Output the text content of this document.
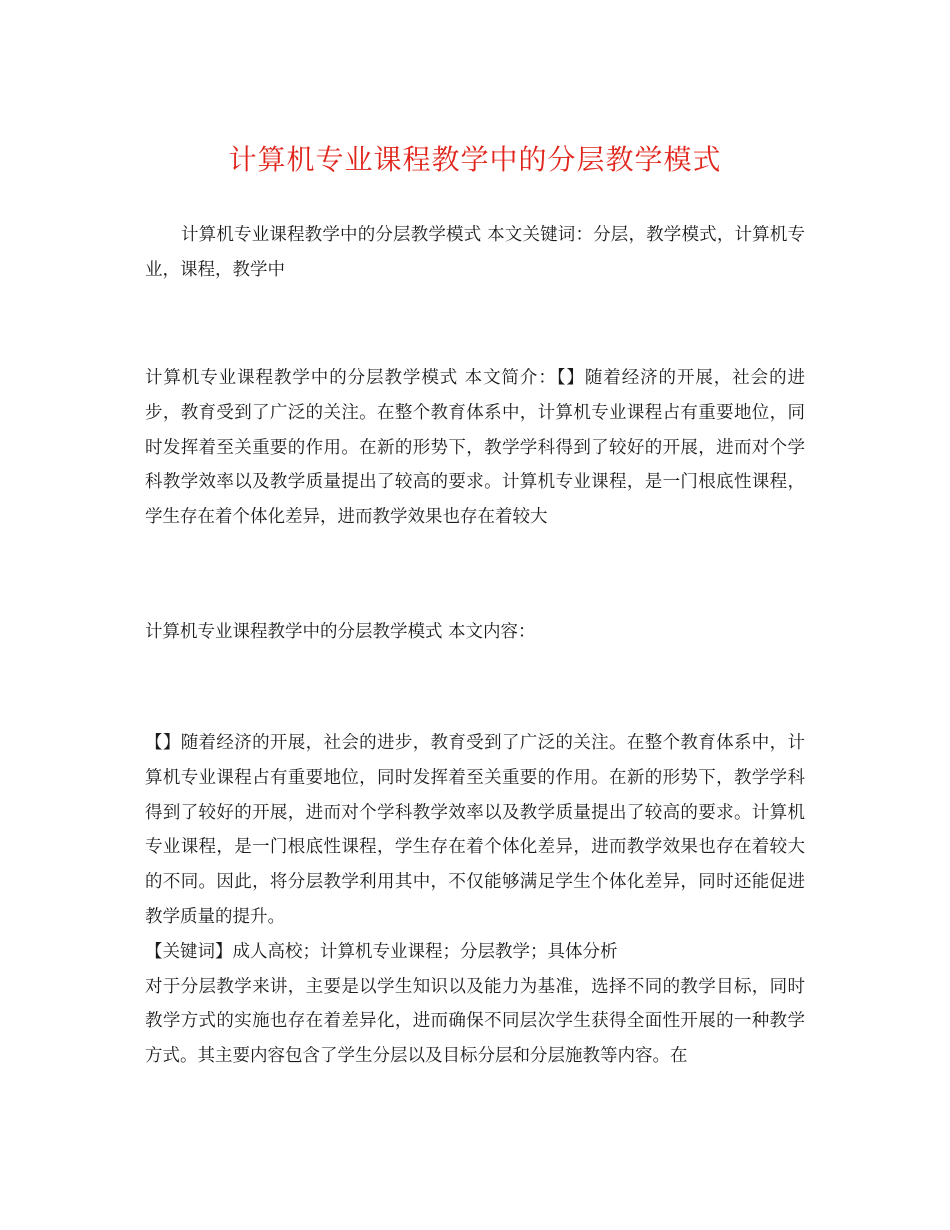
计算机专业课程教学中的分层教学模式

计算机专业课程教学中的分层教学模式 本文关键词：分层，教学模式，计算机专业，课程，教学中

计算机专业课程教学中的分层教学模式 本文简介：【】随着经济的开展，社会的进步，教育受到了广泛的关注。在整个教育体系中，计算机专业课程占有重要地位，同时发挥着至关重要的作用。在新的形势下，教学学科得到了较好的开展，进而对个学科教学效率以及教学质量提出了较高的要求。计算机专业课程，是一门根底性课程，学生存在着个体化差异，进而教学效果也存在着较大

计算机专业课程教学中的分层教学模式 本文内容：

【】随着经济的开展，社会的进步，教育受到了广泛的关注。在整个教育体系中，计算机专业课程占有重要地位，同时发挥着至关重要的作用。在新的形势下，教学学科得到了较好的开展，进而对个学科教学效率以及教学质量提出了较高的要求。计算机专业课程，是一门根底性课程，学生存在着个体化差异，进而教学效果也存在着较大的不同。因此，将分层教学利用其中，不仅能够满足学生个体化差异，同时还能促进教学质量的提升。

【关键词】成人高校；计算机专业课程；分层教学；具体分析

对于分层教学来讲，主要是以学生知识以及能力为基准，选择不同的教学目标，同时教学方式的实施也存在着差异化，进而确保不同层次学生获得全面性开展的一种教学方式。其主要内容包含了学生分层以及目标分层和分层施教等内容。在
